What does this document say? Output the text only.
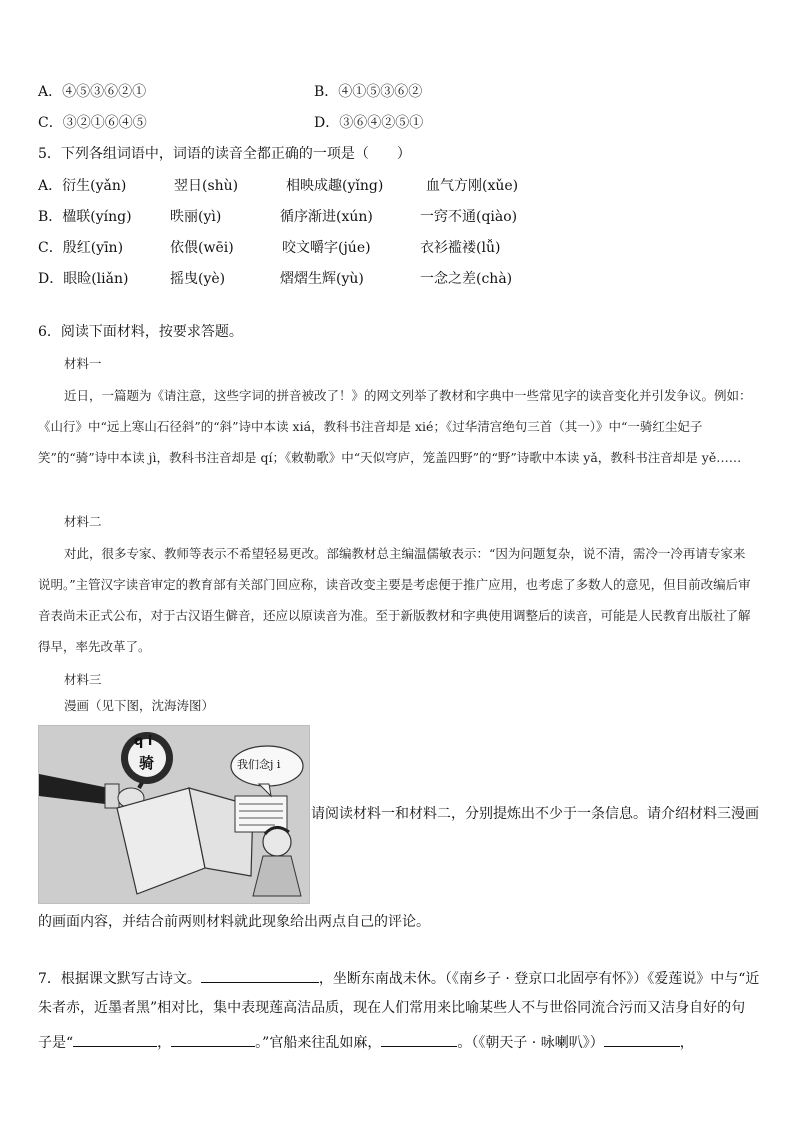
A．④⑤③⑥②①	B．④①⑤③⑥②
C．③②①⑥④⑤	D．③⑥④②⑤①
5．下列各组词语中，词语的读音全都正确的一项是（　　）
A．衍生(yǎn)	翌日(shù)	相映成趣(yǐng)	血气方刚(xǔe)
B．楹联(yíng)	昳丽(yì)	循序渐进(xún)	一窍不通(qiào)
C．殷红(yīn)	依偎(wēi)	咬文嚼字(júe)	衣衫褴褛(lǚ)
D．眼睑(liǎn)	摇曳(yè)	熠熠生辉(yù)	一念之差(chà)
6．阅读下面材料，按要求答题。
材料一

近日，一篇题为《请注意，这些字词的拼音被改了！》的网文列举了教材和字典中一些常见字的读音变化并引发争议。例如：《山行》中“远上寒山石径斜”的“斜”诗中本读 xiá，教科书注音却是 xié；《过华清宫绝句三首（其一）》中“一骑红尘妃子笑”的“骑”诗中本读 jì，教科书注音却是 qí；《敕勒歌》中“天似穹庐，笼盖四野”的“野”诗歌中本读 yǎ，教科书注音却是 yě……

材料二

对此，很多专家、教师等表示不希望轻易更改。部编教材总主编温儒敏表示：“因为问题复杂，说不清，需冷一冷再请专家来说明。”主管汉字读音审定的教育部有关部门回应称，读音改变主要是考虑便于推广应用，也考虑了多数人的意见，但目前改编后审音表尚未正式公布，对于古汉语生僻音，还应以原读音为准。至于新版教材和字典使用调整后的读音，可能是人民教育出版社了解得早，率先改革了。

材料三
漫画（见下图，沈海涛图）
q i
骑	我们念j i
请阅读材料一和材料二，分别提炼出不少于一条信息。请介绍材料三漫画
的画面内容，并结合前两则材料就此现象给出两点自己的评论。
7．根据课文默写古诗文。	，坐断东南战未休。（《南乡子 · 登京口北固亭有怀》）《爱莲说》中与“近
朱者赤，近墨者黑”相对比，集中表现莲高洁品质，现在人们常用来比喻某些人不与世俗同流合污而又洁身自好的句
子是“	，	。”官船来往乱如麻，	。（《朝天子 · 咏喇叭》）	，
